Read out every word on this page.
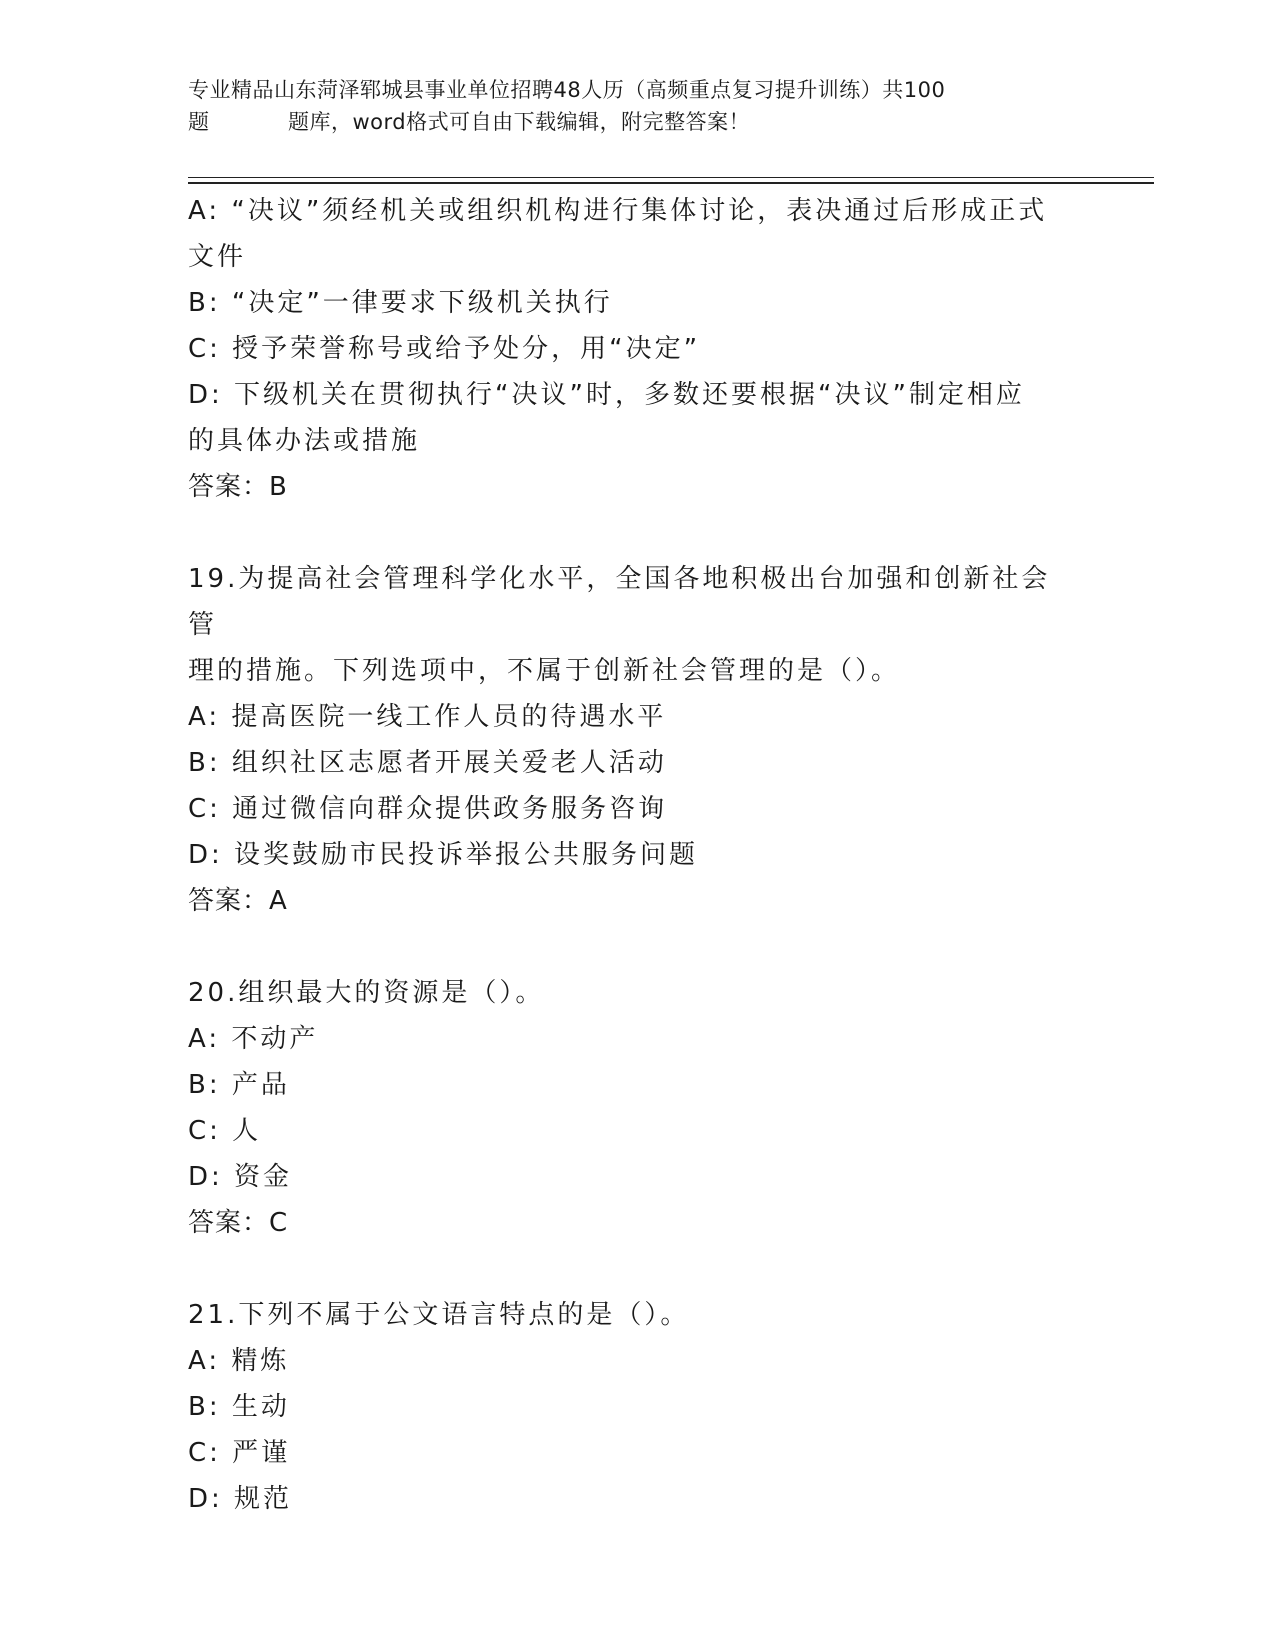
专业精品山东菏泽郓城县事业单位招聘48人历（高频重点复习提升训练）共100
题	题库，word格式可自由下载编辑，附完整答案！
A: “决议”须经机关或组织机构进行集体讨论，表决通过后形成正式
文件
B: “决定”一律要求下级机关执行
C: 授予荣誉称号或给予处分，用“决定”
D: 下级机关在贯彻执行“决议”时，多数还要根据“决议”制定相应
的具体办法或措施
答案：B
19.为提高社会管理科学化水平，全国各地积极出台加强和创新社会管
理的措施。下列选项中，不属于创新社会管理的是（）。
A: 提高医院一线工作人员的待遇水平
B: 组织社区志愿者开展关爱老人活动
C: 通过微信向群众提供政务服务咨询
D: 设奖鼓励市民投诉举报公共服务问题
答案：A
20.组织最大的资源是（）。
A: 不动产
B: 产品
C: 人
D: 资金
答案：C
21.下列不属于公文语言特点的是（）。
A: 精炼
B: 生动
C: 严谨
D: 规范
